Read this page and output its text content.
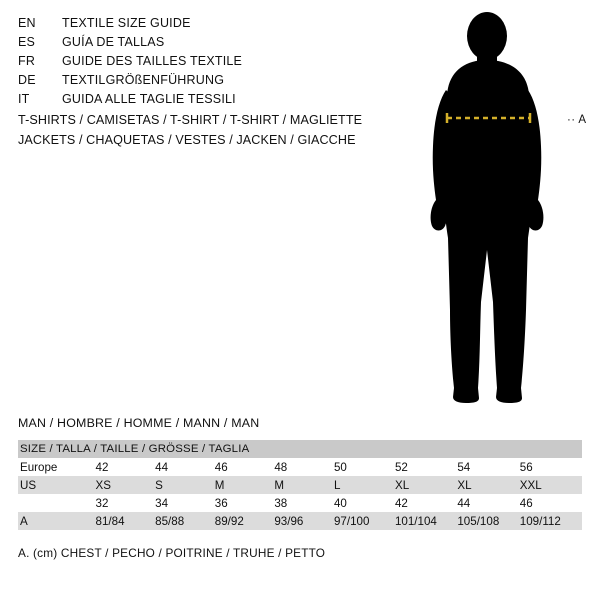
EN	TEXTILE SIZE GUIDE
ES	GUÍA DE TALLAS
FR	GUIDE DES TAILLES TEXTILE
DE	TEXTILGRÖßENFÜHRUNG
IT	GUIDA ALLE TAGLIE TESSILI
T-SHIRTS / CAMISETAS / T-SHIRT / T-SHIRT / MAGLIETTE
JACKETS / CHAQUETAS / VESTES / JACKEN / GIACCHE
·· A
MAN / HOMBRE / HOMME / MANN / MAN
SIZE / TALLA / TAILLE / GRÖSSE / TAGLIA								
Europe	42	44	46	48	50	52	54	56
US	XS	S	M	M	L	XL	XL	XXL
	32	34	36	38	40	42	44	46
A	81/84	85/88	89/92	93/96	97/100	101/104	105/108	109/112
A. (cm) CHEST / PECHO / POITRINE / TRUHE / PETTO
